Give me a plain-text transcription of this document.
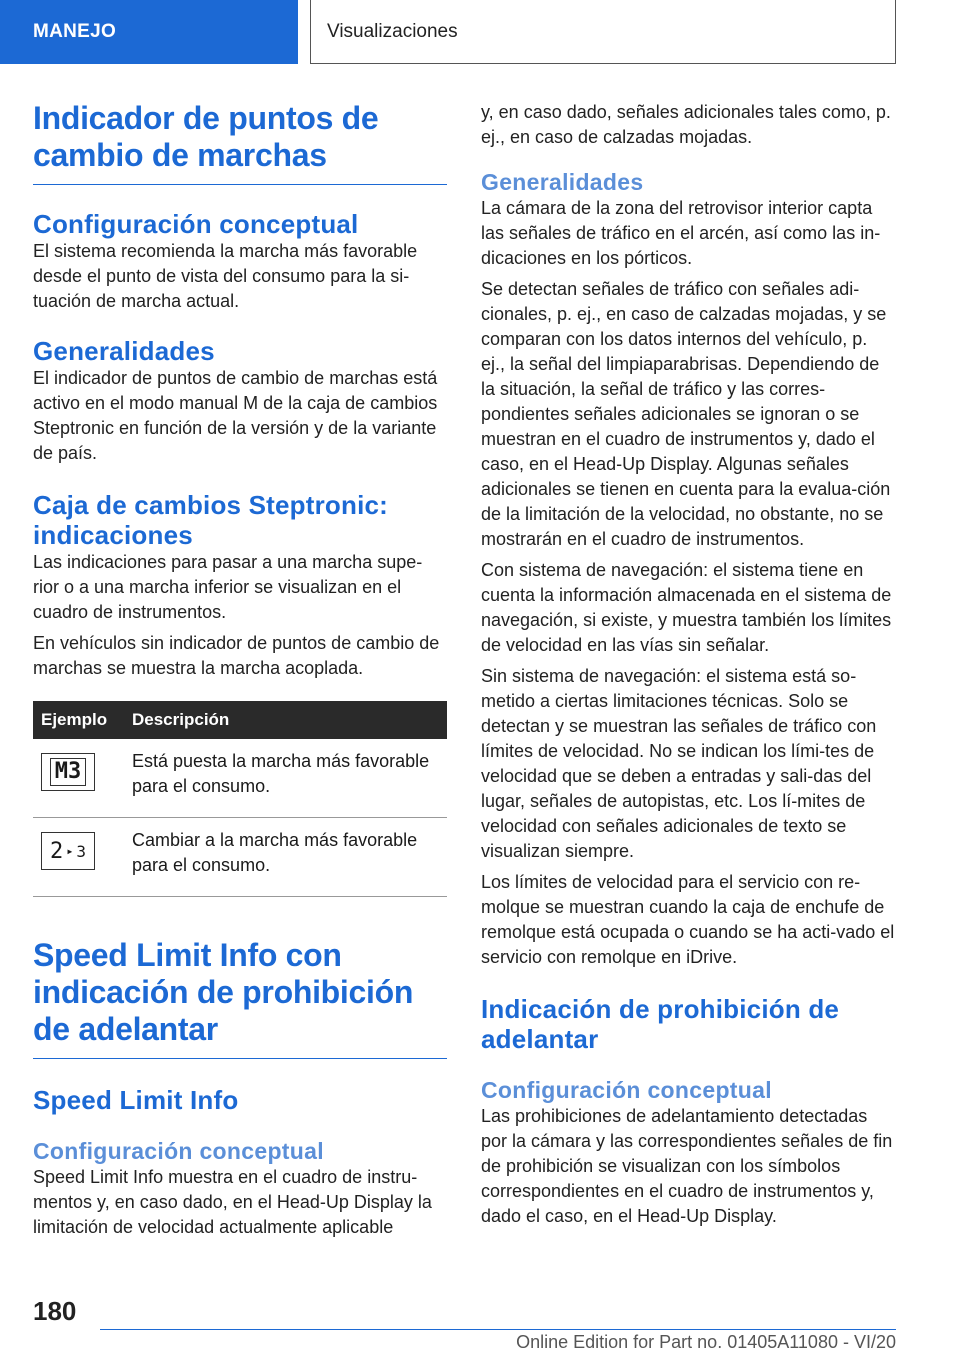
MANEJO	Visualizaciones
Indicador de puntos de cambio de marchas
Configuración conceptual

El sistema recomienda la marcha más favorable desde el punto de vista del consumo para la si-tuación de marcha actual.

Generalidades

El indicador de puntos de cambio de marchas está activo en el modo manual M de la caja de cambios Steptronic en función de la versión y de la variante de país.

Caja de cambios Steptronic: indicaciones

Las indicaciones para pasar a una marcha supe-rior o a una marcha inferior se visualizan en el cuadro de instrumentos.

En vehículos sin indicador de puntos de cambio de marchas se muestra la marcha acoplada.

Ejemplo	Descripción

M3	Está puesta la marcha más favorable para el consumo.

2 ▸ 3	Cambiar a la marcha más favorable para el consumo.
Speed Limit Info con indicación de prohibición de adelantar
Speed Limit Info
Configuración conceptual

Speed Limit Info muestra en el cuadro de instru-mentos y, en caso dado, en el Head-Up Display la limitación de velocidad actualmente aplicable

y, en caso dado, señales adicionales tales como, p. ej., en caso de calzadas mojadas.

Generalidades

La cámara de la zona del retrovisor interior capta las señales de tráfico en el arcén, así como las in-dicaciones en los pórticos.

Se detectan señales de tráfico con señales adi-cionales, p. ej., en caso de calzadas mojadas, y se comparan con los datos internos del vehículo, p. ej., la señal del limpiaparabrisas. Dependiendo de la situación, la señal de tráfico y las corres-pondientes señales adicionales se ignoran o se muestran en el cuadro de instrumentos y, dado el caso, en el Head-Up Display. Algunas señales adicionales se tienen en cuenta para la evalua-ción de la limitación de la velocidad, no obstante, no se mostrarán en el cuadro de instrumentos.

Con sistema de navegación: el sistema tiene en cuenta la información almacenada en el sistema de navegación, si existe, y muestra también los límites de velocidad en las vías sin señalar.

Sin sistema de navegación: el sistema está so-metido a ciertas limitaciones técnicas. Solo se detectan y se muestran las señales de tráfico con límites de velocidad. No se indican los lími-tes de velocidad que se deben a entradas y sali-das del lugar, señales de autopistas, etc. Los lí-mites de velocidad con señales adicionales de texto se visualizan siempre.

Los límites de velocidad para el servicio con re-molque se muestran cuando la caja de enchufe de remolque está ocupada o cuando se ha acti-vado el servicio con remolque en iDrive.

Indicación de prohibición de adelantar
Configuración conceptual

Las prohibiciones de adelantamiento detectadas por la cámara y las correspondientes señales de fin de prohibición se visualizan con los símbolos correspondientes en el cuadro de instrumentos y, dado el caso, en el Head-Up Display.

180
Online Edition for Part no. 01405A11080 - VI/20
